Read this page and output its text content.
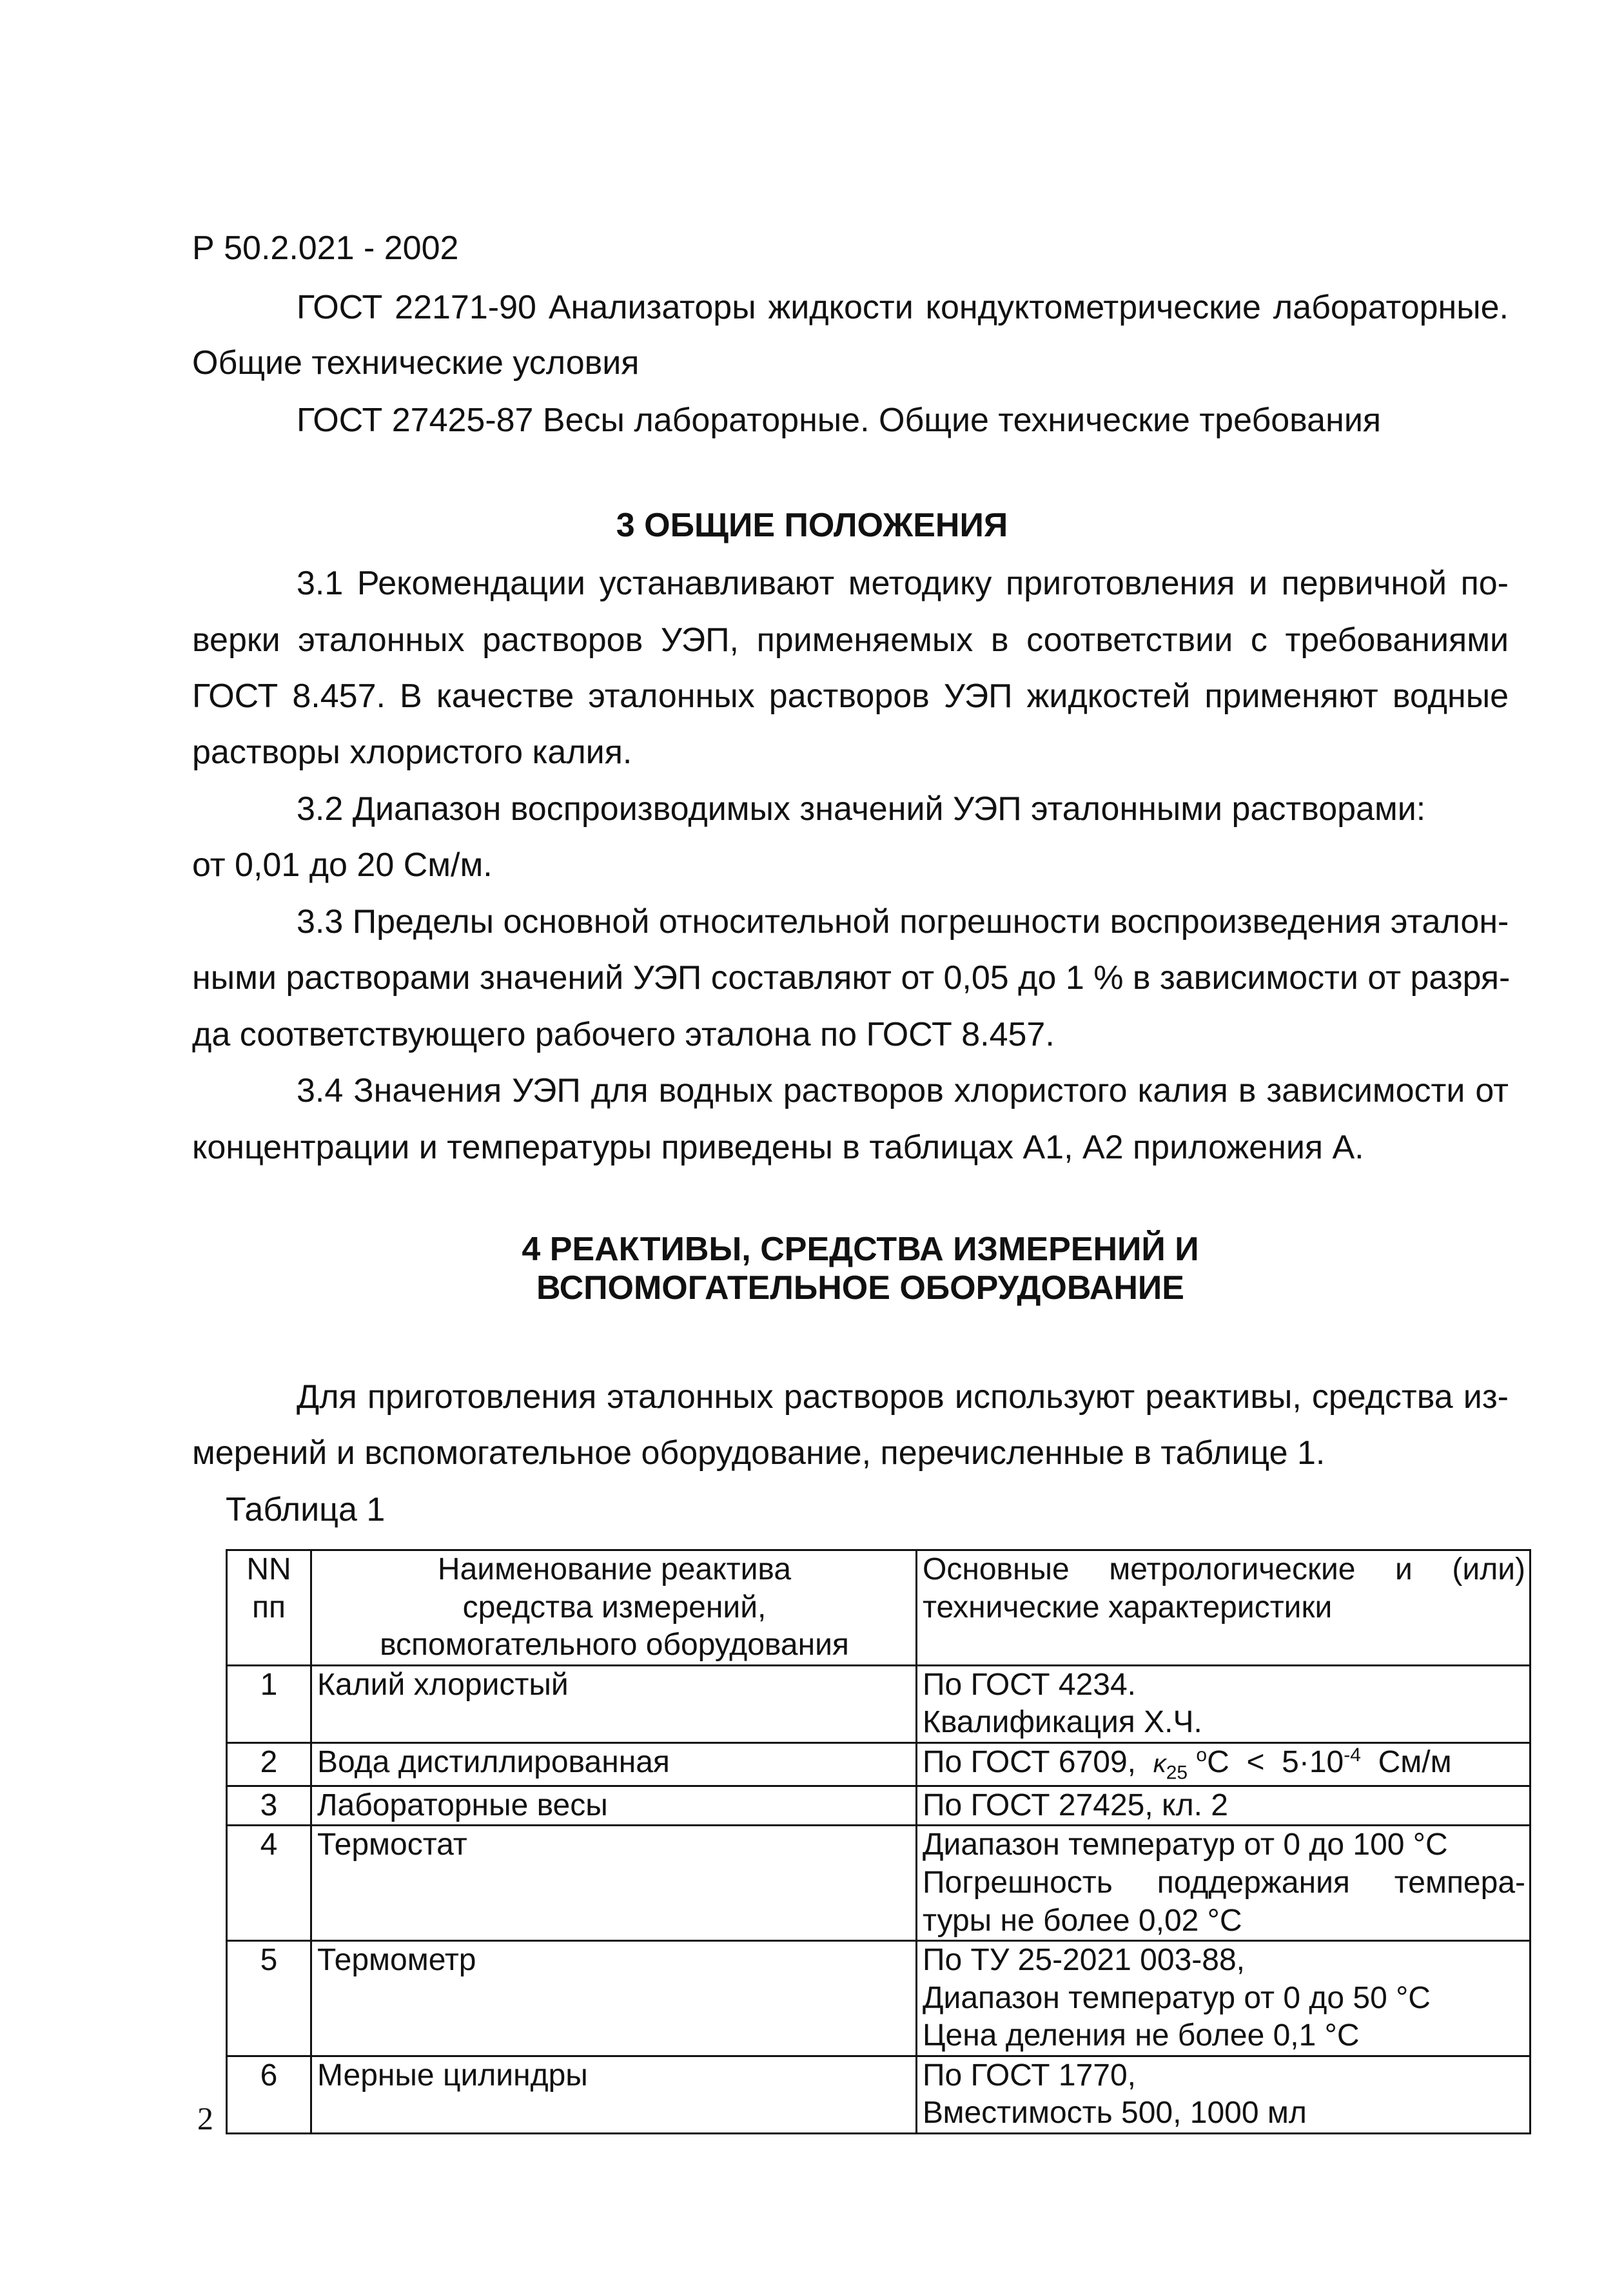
Р 50.2.021 - 2002
ГОСТ 22171-90 Анализаторы жидкости кондуктометрические лабораторные.
Общие технические условия
ГОСТ 27425-87 Весы лабораторные. Общие технические требования
3 ОБЩИЕ ПОЛОЖЕНИЯ
3.1 Рекомендации устанавливают методику приготовления и первичной по-
верки эталонных растворов УЭП, применяемых в соответствии с требованиями
ГОСТ 8.457. В качестве эталонных растворов УЭП жидкостей применяют водные
растворы хлористого калия.
3.2 Диапазон воспроизводимых значений УЭП эталонными растворами:
от 0,01 до 20 См/м.
3.3 Пределы основной относительной погрешности воспроизведения эталон-
ными растворами значений УЭП составляют от 0,05 до 1 % в зависимости от разря-
да соответствующего рабочего эталона по ГОСТ 8.457.
3.4 Значения УЭП для водных растворов хлористого калия в зависимости от
концентрации и температуры приведены в таблицах А1, А2 приложения А.
4 РЕАКТИВЫ, СРЕДСТВА ИЗМЕРЕНИЙ И
ВСПОМОГАТЕЛЬНОЕ ОБОРУДОВАНИЕ
Для приготовления эталонных растворов используют реактивы, средства из-
мерений и вспомогательное оборудование, перечисленные в таблице 1.
Таблица 1
NN
пп	Наименование реактива
средства измерений,
вспомогательного оборудования	Основные метрологические и (или)
технические характеристики
1	Калий хлористый	По ГОСТ 4234.
Квалификация Х.Ч.
2	Вода дистиллированная	По ГОСТ 6709, $\kappa_{25}$ $^оС < 5\cdot 10^{-4}$ См/м
3	Лабораторные весы	По ГОСТ 27425, кл. 2
4	Термостат	Диапазон температур от 0 до 100 °С

Погрешность поддержания темпера-
туры не более 0,02 °С
5	Термометр	По ТУ 25-2021 003-88,
Диапазон температур от 0 до 50 °С
Цена деления не более 0,1 °С
6	Мерные цилиндры	По ГОСТ 1770,
Вместимость 500, 1000 мл
2
